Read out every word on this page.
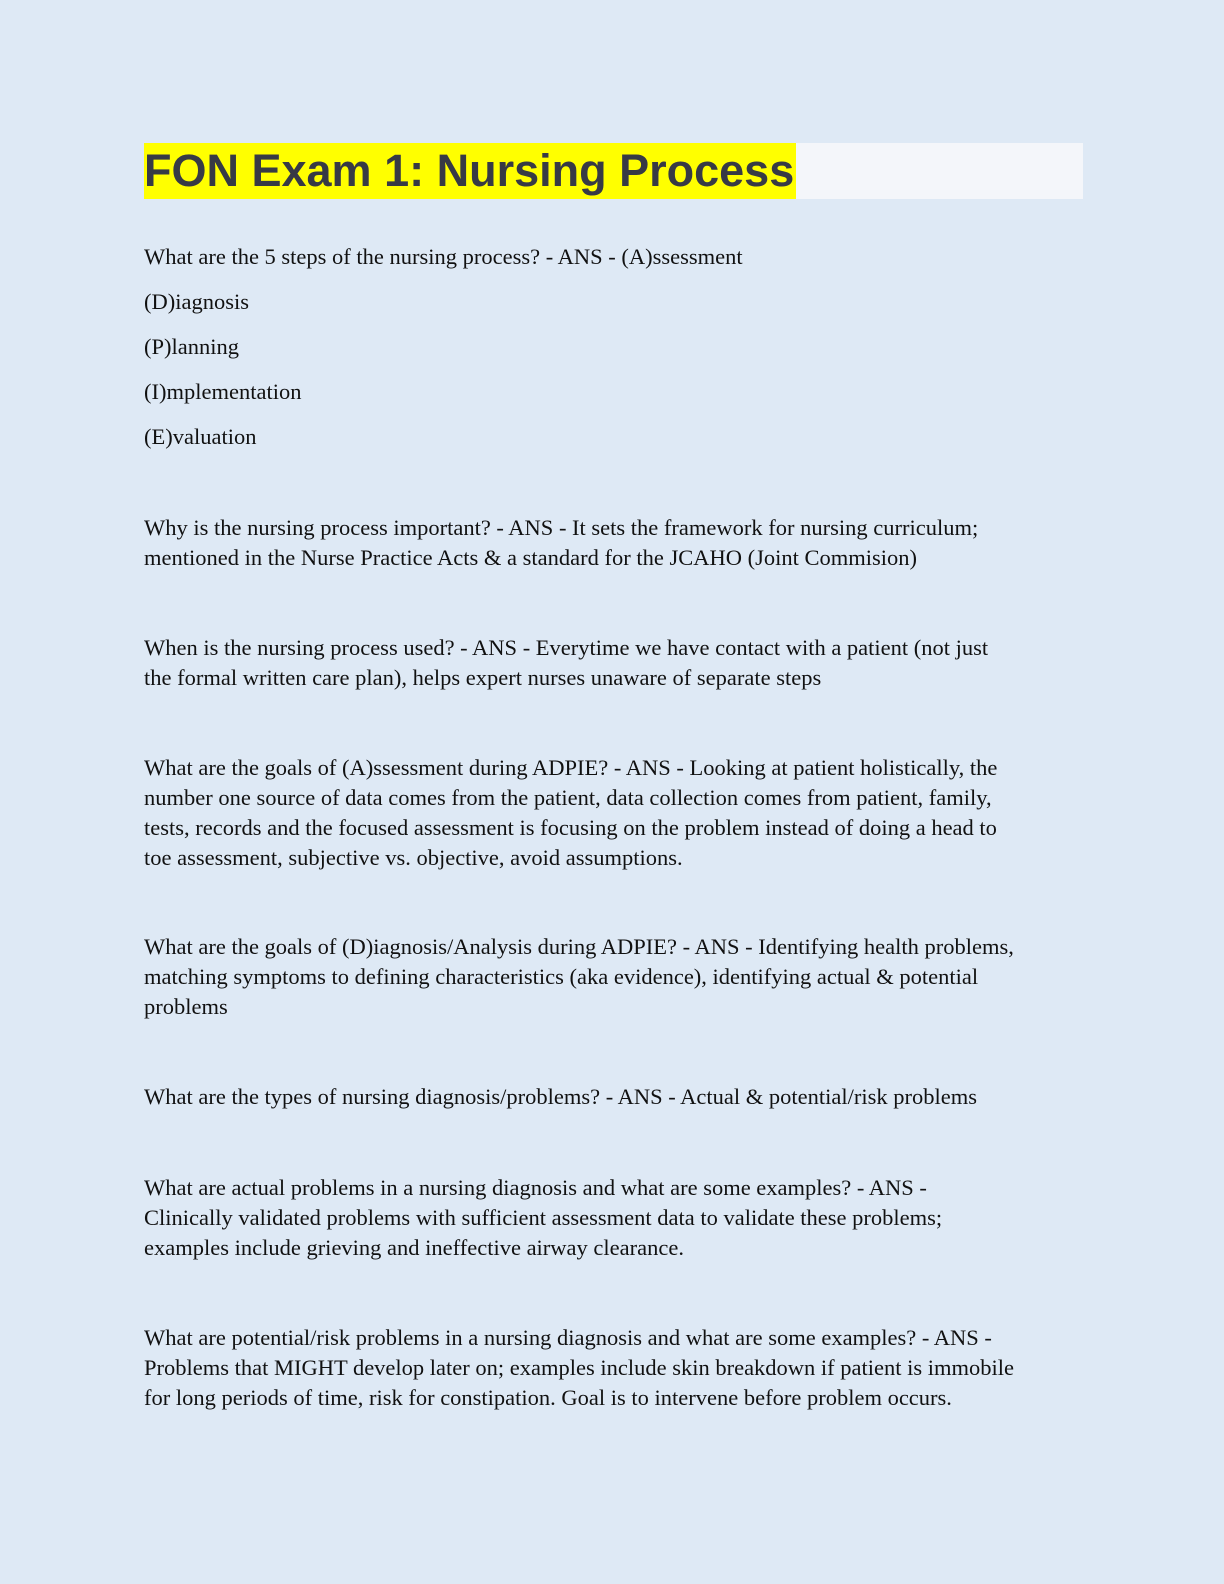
FON Exam 1: Nursing Process

What are the 5 steps of the nursing process? - ANS - (A)ssessment

(D)iagnosis

(P)lanning

(I)mplementation

(E)valuation

Why is the nursing process important? - ANS - It sets the framework for nursing curriculum;

mentioned in the Nurse Practice Acts & a standard for the JCAHO (Joint Commision)

When is the nursing process used? - ANS - Everytime we have contact with a patient (not just

the formal written care plan), helps expert nurses unaware of separate steps

What are the goals of (A)ssessment during ADPIE? - ANS - Looking at patient holistically, the

number one source of data comes from the patient, data collection comes from patient, family,

tests, records and the focused assessment is focusing on the problem instead of doing a head to

toe assessment, subjective vs. objective, avoid assumptions.

What are the goals of (D)iagnosis/Analysis during ADPIE? - ANS - Identifying health problems,

matching symptoms to defining characteristics (aka evidence), identifying actual & potential

problems

What are the types of nursing diagnosis/problems? - ANS - Actual & potential/risk problems

What are actual problems in a nursing diagnosis and what are some examples? - ANS -

Clinically validated problems with sufficient assessment data to validate these problems;

examples include grieving and ineffective airway clearance.

What are potential/risk problems in a nursing diagnosis and what are some examples? - ANS -

Problems that MIGHT develop later on; examples include skin breakdown if patient is immobile

for long periods of time, risk for constipation. Goal is to intervene before problem occurs.
